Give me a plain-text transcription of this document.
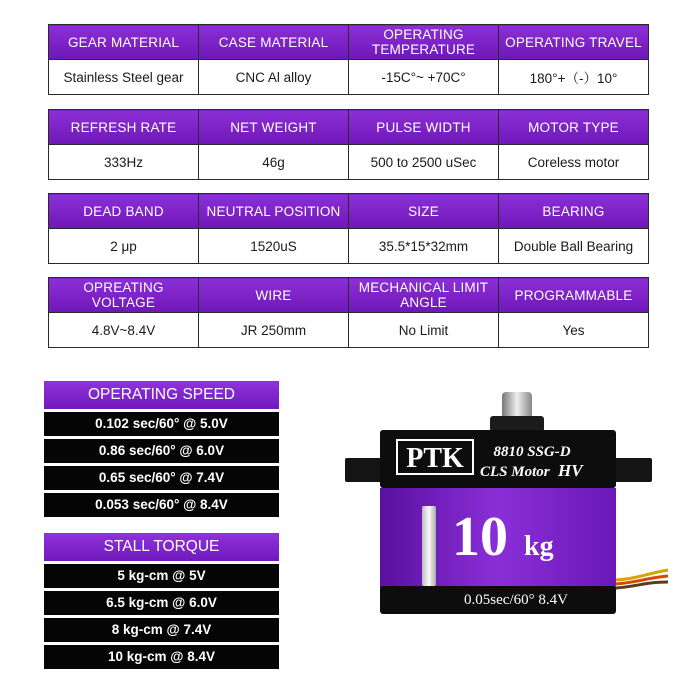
GEAR MATERIAL	CASE MATERIAL	OPERATING TEMPERATURE	OPERATING TRAVEL
Stainless Steel gear	CNC Al alloy	-15C°~ +70C°	180°+（-）10°
REFRESH RATE	NET WEIGHT	PULSE WIDTH	MOTOR TYPE
333Hz	46g	500 to 2500 uSec	Coreless motor
DEAD BAND	NEUTRAL POSITION	SIZE	BEARING
2 μp	1520uS	35.5*15*32mm	Double Ball Bearing
OPREATING VOLTAGE	WIRE	MECHANICAL LIMIT ANGLE	PROGRAMMABLE
4.8V~8.4V	JR 250mm	No Limit	Yes
OPERATING SPEED
0.102 sec/60° @ 5.0V
0.86 sec/60° @ 6.0V
0.65 sec/60° @ 7.4V
0.053 sec/60° @ 8.4V
STALL TORQUE
5 kg-cm @ 5V
6.5 kg-cm @ 6.0V
8 kg-cm @ 7.4V
10 kg-cm @ 8.4V
PTK 8810 SSG-D
CLS Motor HV
10 kg
0.05sec/60° 8.4V
